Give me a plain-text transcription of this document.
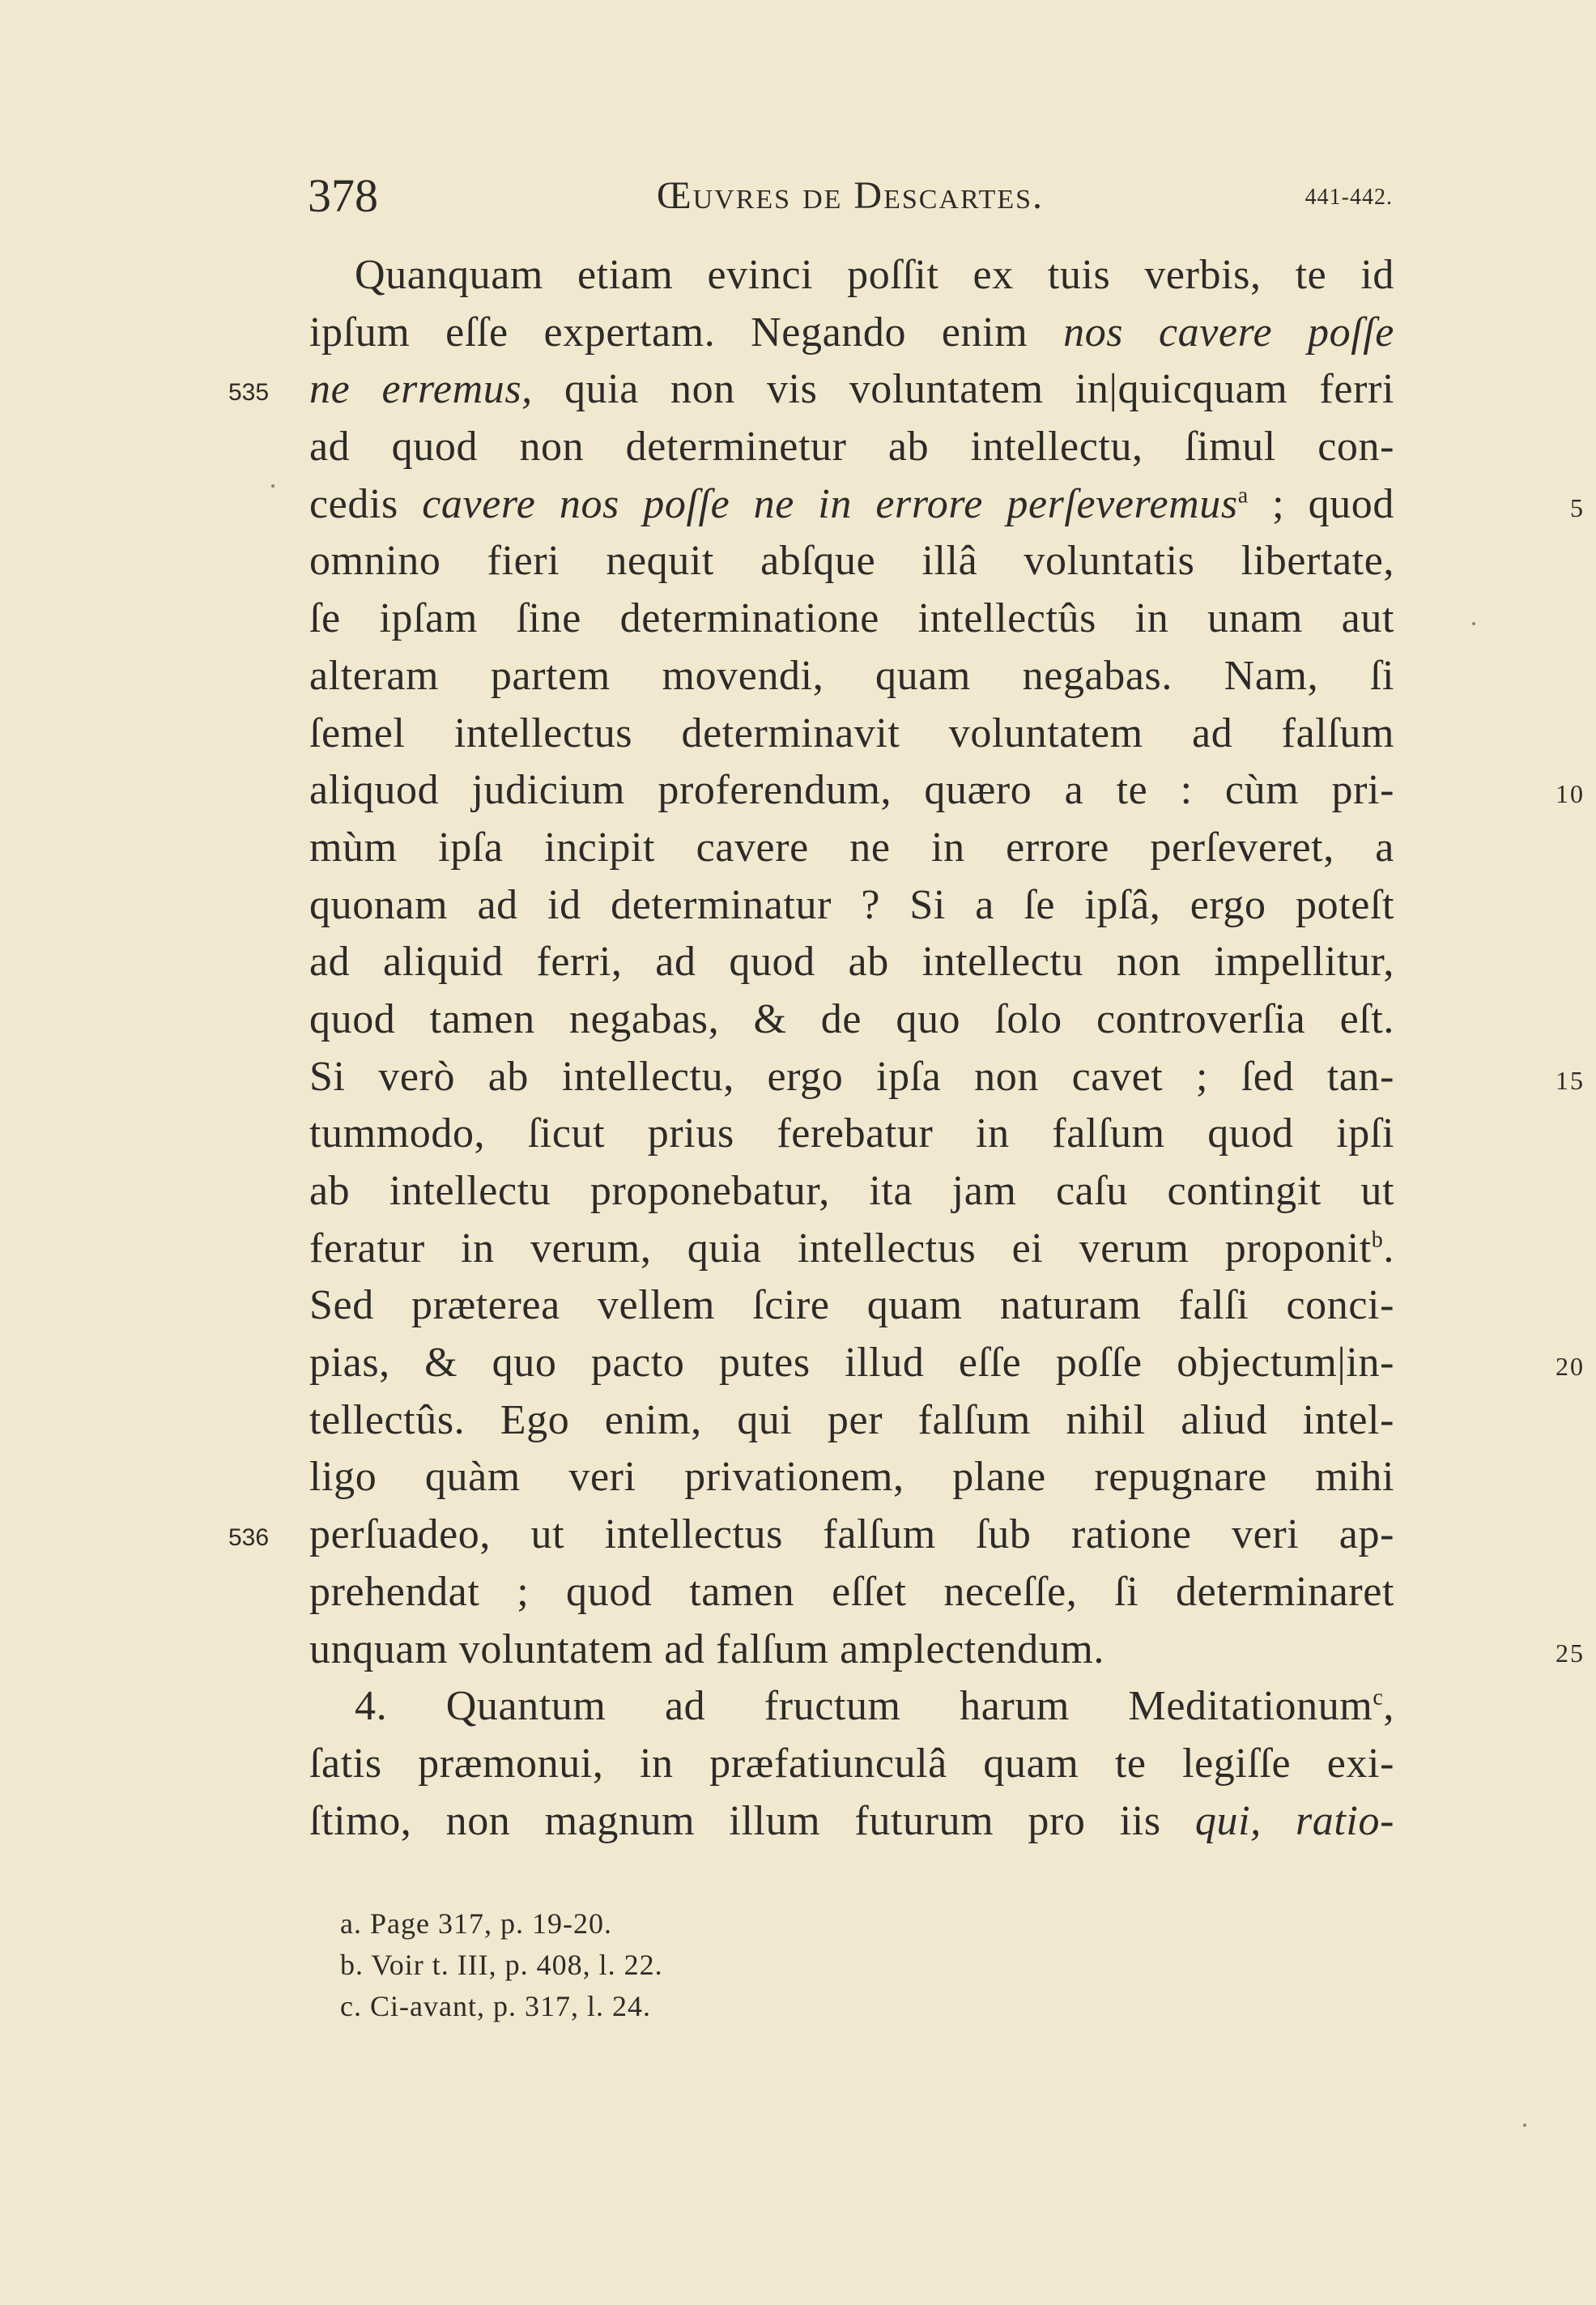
378	Œuvres de Descartes.	441-442.
Quanquam etiam evinci poſſit ex tuis verbis, te id
ipſum eſſe expertam. Negando enim nos cavere poſſe
ne erremus, quia non vis voluntatem in|quicquam ferri
535
ad quod non determinetur ab intellectu, ſimul con-
cedis cavere nos poſſe ne in errore perſeveremus$^a$ ; quod	5
omnino fieri nequit abſque illâ voluntatis libertate,
ſe ipſam ſine determinatione intellectûs in unam aut
alteram partem movendi, quam negabas. Nam, ſi
ſemel intellectus determinavit voluntatem ad falſum
aliquod judicium proferendum, quæro a te : cùm pri-	10
mùm ipſa incipit cavere ne in errore perſeveret, a
quonam ad id determinatur ? Si a ſe ipſâ, ergo poteſt
ad aliquid ferri, ad quod ab intellectu non impellitur,
quod tamen negabas, & de quo ſolo controverſia eſt.
Si verò ab intellectu, ergo ipſa non cavet ; ſed tan-	15
tummodo, ſicut prius ferebatur in falſum quod ipſi
ab intellectu proponebatur, ita jam caſu contingit ut
feratur in verum, quia intellectus ei verum proponit$^b$.
Sed præterea vellem ſcire quam naturam falſi conci-
pias, & quo pacto putes illud eſſe poſſe objectum|in-	20
tellectûs. Ego enim, qui per falſum nihil aliud intel-
ligo quàm veri privationem, plane repugnare mihi
perſuadeo, ut intellectus falſum ſub ratione veri ap-
536
prehendat ; quod tamen eſſet neceſſe, ſi determinaret
unquam voluntatem ad falſum amplectendum.	25
4. Quantum ad fructum harum Meditationum$^c$,
ſatis præmonui, in præfatiunculâ quam te legiſſe exi-
ſtimo, non magnum illum futurum pro iis qui, ratio-
a. Page 317, p. 19-20.
b. Voir t. III, p. 408, l. 22.
c. Ci-avant, p. 317, l. 24.
